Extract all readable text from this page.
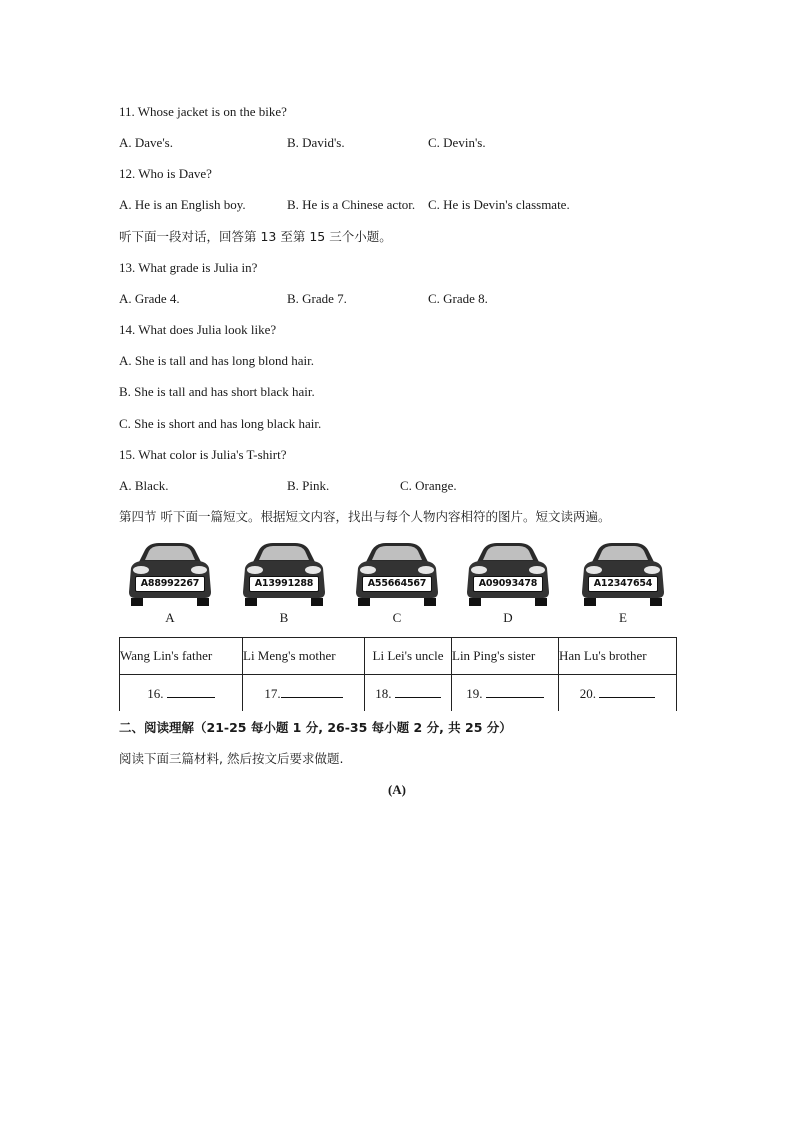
11. Whose jacket is on the bike?
A. Dave's.	B. David's.	C. Devin's.
12. Who is Dave?
A. He is an English boy.	B. He is a Chinese actor. C. He is Devin's classmate.
听下面一段对话，回答第 13 至第 15 三个小题。
13. What grade is Julia in?
A. Grade 4.	B. Grade 7.	C. Grade 8.
14. What does Julia look like?
A. She is tall and has long blond hair.
B. She is tall and has short black hair.
C. She is short and has long black hair.
15. What color is Julia's T-shirt?
A. Black.	B. Pink.	C. Orange.
第四节 听下面一篇短文。根据短文内容，找出与每个人物内容相符的图片。短文读两遍。
A88992267
A
A13991288
B
A55664567
C
A09093478
D
A12347654
E
Wang Lin's father	Li Meng's mother	Li Lei's uncle	Lin Ping's sister	Han Lu's brother
16.	17.	18.	19.	20.
二、阅读理解（21-25 每小题 1 分, 26-35 每小题 2 分, 共 25 分）
阅读下面三篇材料, 然后按文后要求做题.
(A)
